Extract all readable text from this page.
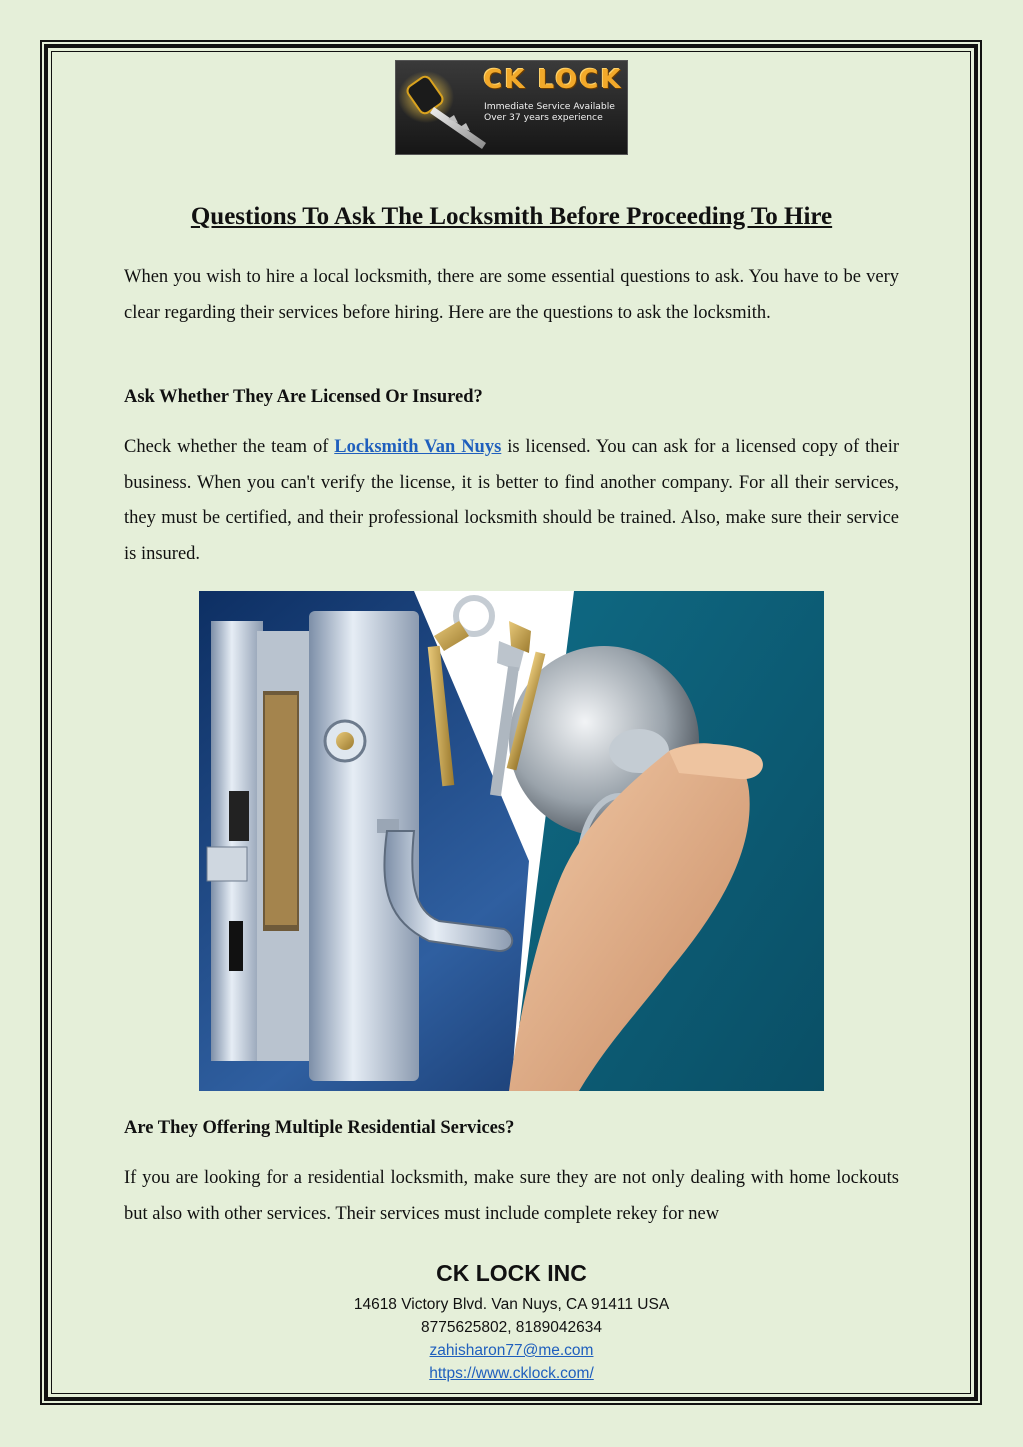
CK LOCK
Immediate Service Available
Over 37 years experience
Questions To Ask The Locksmith Before Proceeding To Hire

When you wish to hire a local locksmith, there are some essential questions to ask. You have to be very clear regarding their services before hiring. Here are the questions to ask the locksmith.

Ask Whether They Are Licensed Or Insured?

Check whether the team of Locksmith Van Nuys is licensed. You can ask for a licensed copy of their business. When you can't verify the license, it is better to find another company. For all their services, they must be certified, and their professional locksmith should be trained. Also, make sure their service is insured.

Are They Offering Multiple Residential Services?

If you are looking for a residential locksmith, make sure they are not only dealing with home lockouts but also with other services. Their services must include complete rekey for new

CK LOCK INC
14618 Victory Blvd. Van Nuys, CA 91411 USA
8775625802, 8189042634
zahisharon77@me.com
https://www.cklock.com/
